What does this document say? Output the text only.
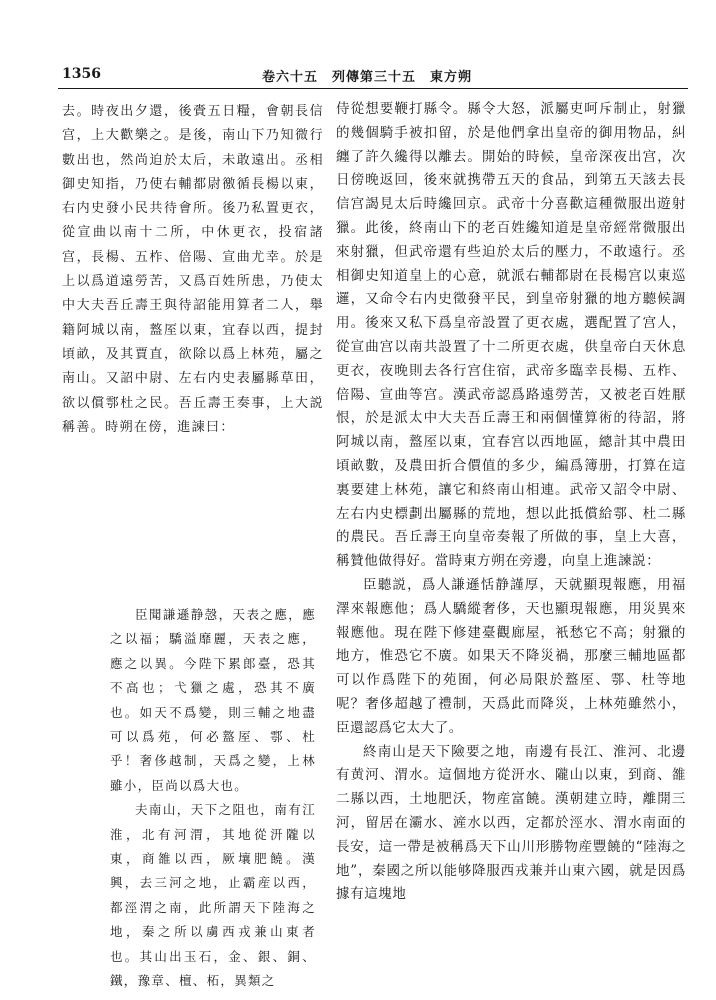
1356	卷六十五　列傳第三十五　東方朔

去。時夜出夕還，後賫五日糧，會朝長信宫，上大歡樂之。是後，南山下乃知微行數出也，然尚迫於太后，未敢遠出。丞相御史知指，乃使右輔都尉徼循長楊以東，右内史發小民共待會所。後乃私置更衣，從宣曲以南十二所，中休更衣，投宿諸宫，長楊、五柞、倍陽、宣曲尤幸。於是上以爲道遠勞苦，又爲百姓所患，乃使太中大夫吾丘壽王與待詔能用算者二人，舉籍阿城以南，盩厔以東，宜春以西，提封頃畝，及其賈直，欲除以爲上林苑，屬之南山。又詔中尉、左右内史表屬縣草田，欲以償鄠杜之民。吾丘壽王奏事，上大説稱善。時朔在傍，進諫曰：

臣聞謙遜静愨，天表之應，應之以福；驕溢靡麗，天表之應，應之以異。今陛下累郎臺，恐其不高也；弋獵之處，恐其不廣也。如天不爲變，則三輔之地盡可以爲苑，何必盩厔、鄠、杜乎！奢侈越制，天爲之變，上林雖小，臣尚以爲大也。
夫南山，天下之阻也，南有江淮，北有河渭，其地從汧隴以東，商雒以西，厥壤肥饒。漢興，去三河之地，止霸産以西，都涇渭之南，此所謂天下陸海之地，秦之所以虜西戎兼山東者也。其山出玉石，金、銀、銅、鐵，豫章、檀、柘，異類之
侍從想要鞭打縣令。縣令大怒，派屬吏呵斥制止，射獵的幾個騎手被扣留，於是他們拿出皇帝的御用物品，糾纏了許久纔得以離去。開始的時候，皇帝深夜出宫，次日傍晚返回，後來就携帶五天的食品，到第五天該去長信宫謁見太后時纔回京。武帝十分喜歡這種微服出遊射獵。此後，終南山下的老百姓纔知道是皇帝經常微服出來射獵，但武帝還有些迫於太后的壓力，不敢遠行。丞相御史知道皇上的心意，就派右輔都尉在長楊宫以東巡邏，又命令右内史徵發平民，到皇帝射獵的地方聽候調用。後來又私下爲皇帝設置了更衣處，選配置了宫人，從宣曲宫以南共設置了十二所更衣處，供皇帝白天休息更衣，夜晚則去各行宫住宿，武帝多臨幸長楊、五柞、倍陽、宣曲等宫。漢武帝認爲路遠勞苦，又被老百姓厭恨，於是派太中大夫吾丘壽王和兩個懂算術的待詔，將阿城以南，盩厔以東，宜春宫以西地區，總計其中農田頃畝數，及農田折合價值的多少，編爲簿册，打算在這裏要建上林苑，讓它和終南山相連。武帝又詔令中尉、左右内史標劃出屬縣的荒地，想以此抵償給鄠、杜二縣的農民。吾丘壽王向皇帝奏報了所做的事，皇上大喜，稱贊他做得好。當時東方朔在旁邊，向皇上進諫説：
臣聽説，爲人謙遜恬静謹厚，天就顯現報應，用福澤來報應他；爲人驕縱奢侈，天也顯現報應，用災異來報應他。現在陛下修建臺觀廊屋，衹愁它不高；射獵的地方，惟恐它不廣。如果天不降災禍，那麼三輔地區都可以作爲陛下的苑囿，何必局限於盩厔、鄠、杜等地呢？奢侈超越了禮制，天爲此而降災，上林苑雖然小，臣還認爲它太大了。
終南山是天下險要之地，南邊有長江、淮河、北邊有黄河、渭水。這個地方從汧水、隴山以東，到商、雒二縣以西，土地肥沃，物産富饒。漢朝建立時，離開三河，留居在灞水、滻水以西，定都於涇水、渭水南面的長安，這一帶是被稱爲天下山川形勝物産豐饒的“陸海之地”，秦國之所以能够降服西戎兼并山東六國，就是因爲據有這塊地
